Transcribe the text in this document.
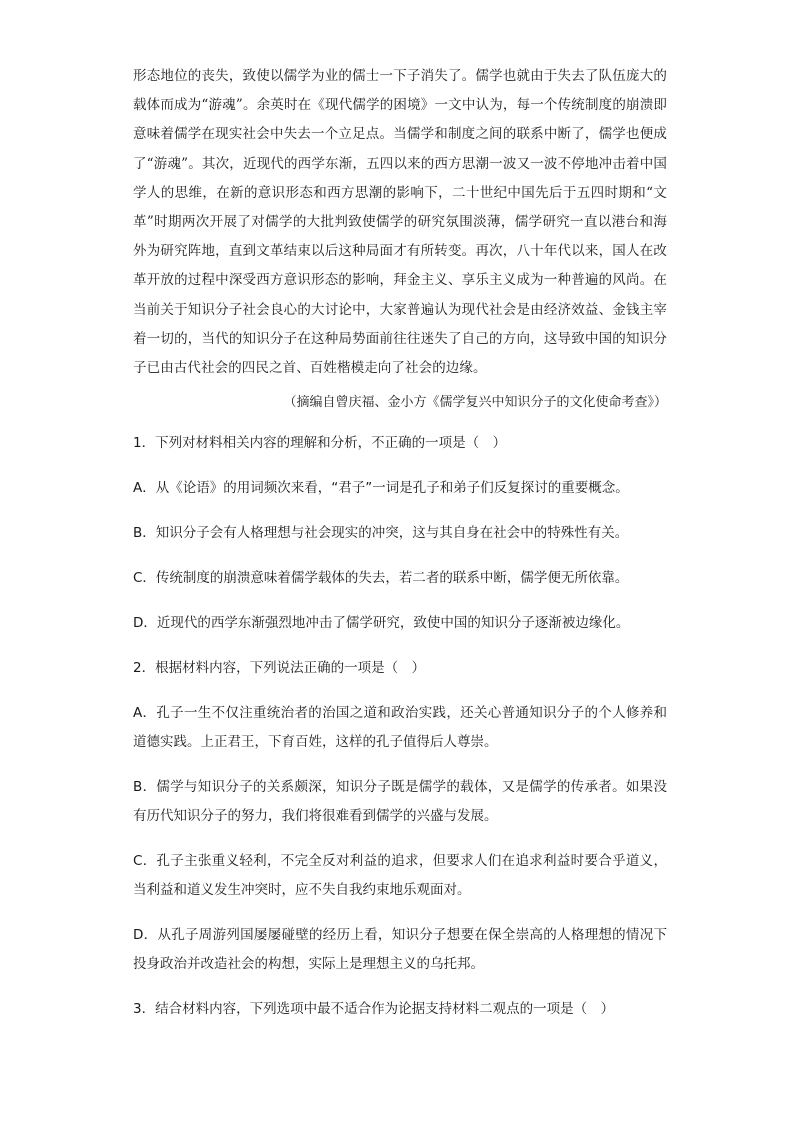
形态地位的丧失，致使以儒学为业的儒士一下子消失了。儒学也就由于失去了队伍庞大的载体而成为“游魂”。余英时在《现代儒学的困境》一文中认为，每一个传统制度的崩溃即意味着儒学在现实社会中失去一个立足点。当儒学和制度之间的联系中断了，儒学也便成了“游魂”。其次，近现代的西学东渐，五四以来的西方思潮一波又一波不停地冲击着中国学人的思维，在新的意识形态和西方思潮的影响下，二十世纪中国先后于五四时期和“文革”时期两次开展了对儒学的大批判致使儒学的研究氛围淡薄，儒学研究一直以港台和海外为研究阵地，直到文革结束以后这种局面才有所转变。再次，八十年代以来，国人在改革开放的过程中深受西方意识形态的影响，拜金主义、享乐主义成为一种普遍的风尚。在当前关于知识分子社会良心的大讨论中，大家普遍认为现代社会是由经济效益、金钱主宰着一切的，当代的知识分子在这种局势面前往往迷失了自己的方向，这导致中国的知识分子已由古代社会的四民之首、百姓楷模走向了社会的边缘。

（摘编自曾庆福、金小方《儒学复兴中知识分子的文化使命考查》）

1．下列对材料相关内容的理解和分析，不正确的一项是（　）

A．从《论语》的用词频次来看，“君子”一词是孔子和弟子们反复探讨的重要概念。

B．知识分子会有人格理想与社会现实的冲突，这与其自身在社会中的特殊性有关。

C．传统制度的崩溃意味着儒学载体的失去，若二者的联系中断，儒学便无所依靠。

D．近现代的西学东渐强烈地冲击了儒学研究，致使中国的知识分子逐渐被边缘化。

2．根据材料内容，下列说法正确的一项是（　）

A．孔子一生不仅注重统治者的治国之道和政治实践，还关心普通知识分子的个人修养和道德实践。上正君王，下育百姓，这样的孔子值得后人尊崇。

B．儒学与知识分子的关系颇深，知识分子既是儒学的载体，又是儒学的传承者。如果没有历代知识分子的努力，我们将很难看到儒学的兴盛与发展。

C．孔子主张重义轻利，不完全反对利益的追求，但要求人们在追求利益时要合乎道义，当利益和道义发生冲突时，应不失自我约束地乐观面对。

D．从孔子周游列国屡屡碰壁的经历上看，知识分子想要在保全崇高的人格理想的情况下投身政治并改造社会的构想，实际上是理想主义的乌托邦。

3．结合材料内容，下列选项中最不适合作为论据支持材料二观点的一项是（　）
